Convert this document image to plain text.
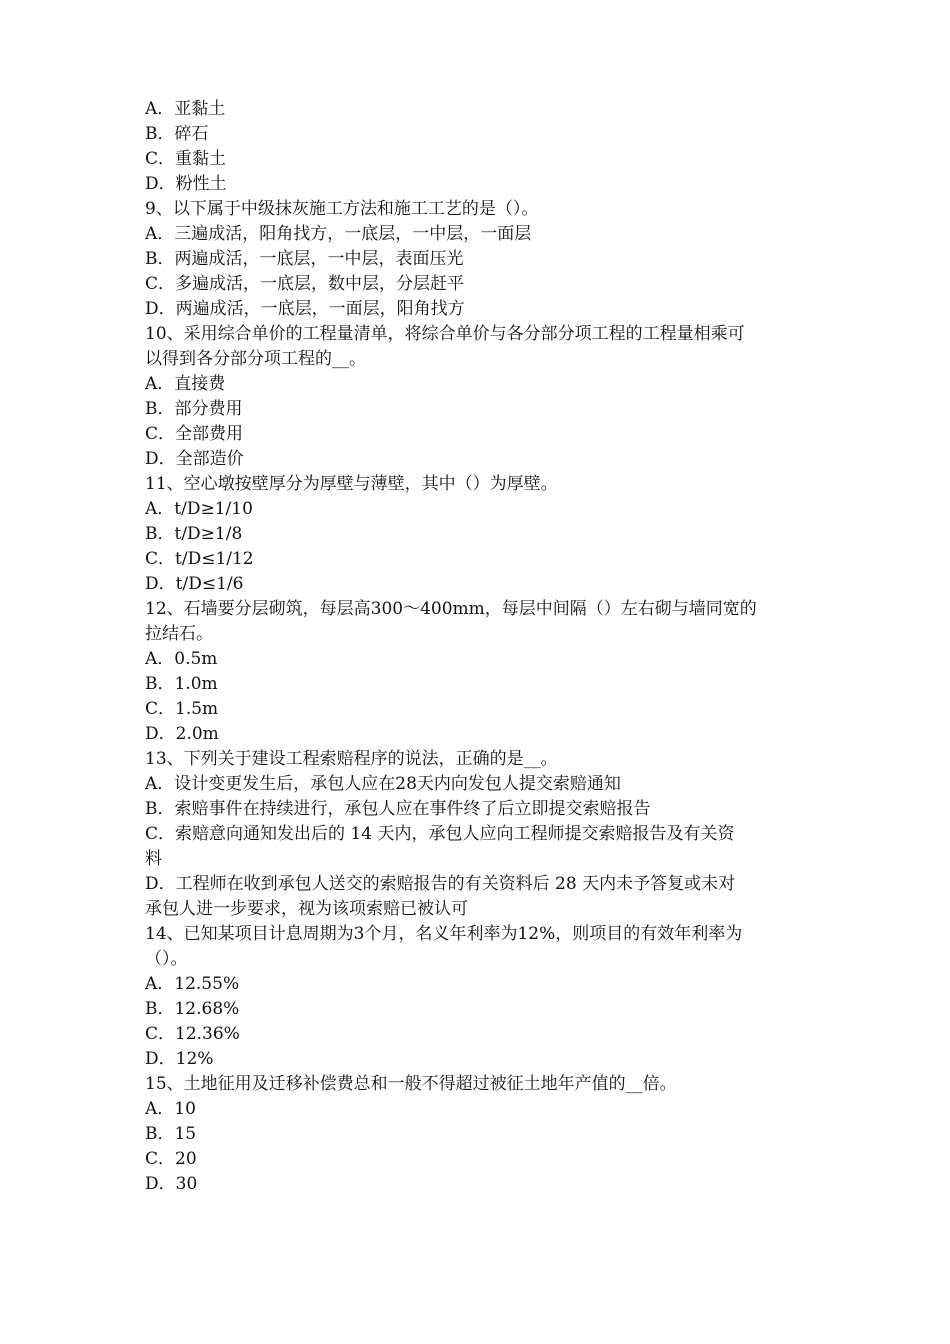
A．亚黏土
B．碎石
C．重黏土
D．粉性土
9、以下属于中级抹灰施工方法和施工工艺的是（）。
A．三遍成活，阳角找方，一底层，一中层，一面层
B．两遍成活，一底层，一中层，表面压光
C．多遍成活，一底层，数中层，分层赶平
D．两遍成活，一底层，一面层，阳角找方
10、采用综合单价的工程量清单，将综合单价与各分部分项工程的工程量相乘可
以得到各分部分项工程的__。
A．直接费
B．部分费用
C．全部费用
D．全部造价
11、空心墩按壁厚分为厚壁与薄壁，其中（）为厚壁。
A．t/D≥1/10
B．t/D≥1/8
C．t/D≤1/12
D．t/D≤1/6
12、石墙要分层砌筑，每层高300～400mm，每层中间隔（）左右砌与墙同宽的
拉结石。
A．0.5m
B．1.0m
C．1.5m
D．2.0m
13、下列关于建设工程索赔程序的说法，正确的是__。
A．设计变更发生后，承包人应在28天内向发包人提交索赔通知
B．索赔事件在持续进行，承包人应在事件终了后立即提交索赔报告
C．索赔意向通知发出后的 14 天内，承包人应向工程师提交索赔报告及有关资
料
D．工程师在收到承包人送交的索赔报告的有关资料后 28 天内未予答复或未对
承包人进一步要求，视为该项索赔已被认可
14、已知某项目计息周期为3个月，名义年利率为12%，则项目的有效年利率为
（）。
A．12.55%
B．12.68%
C．12.36%
D．12%
15、土地征用及迁移补偿费总和一般不得超过被征土地年产值的__倍。
A．10
B．15
C．20
D．30
